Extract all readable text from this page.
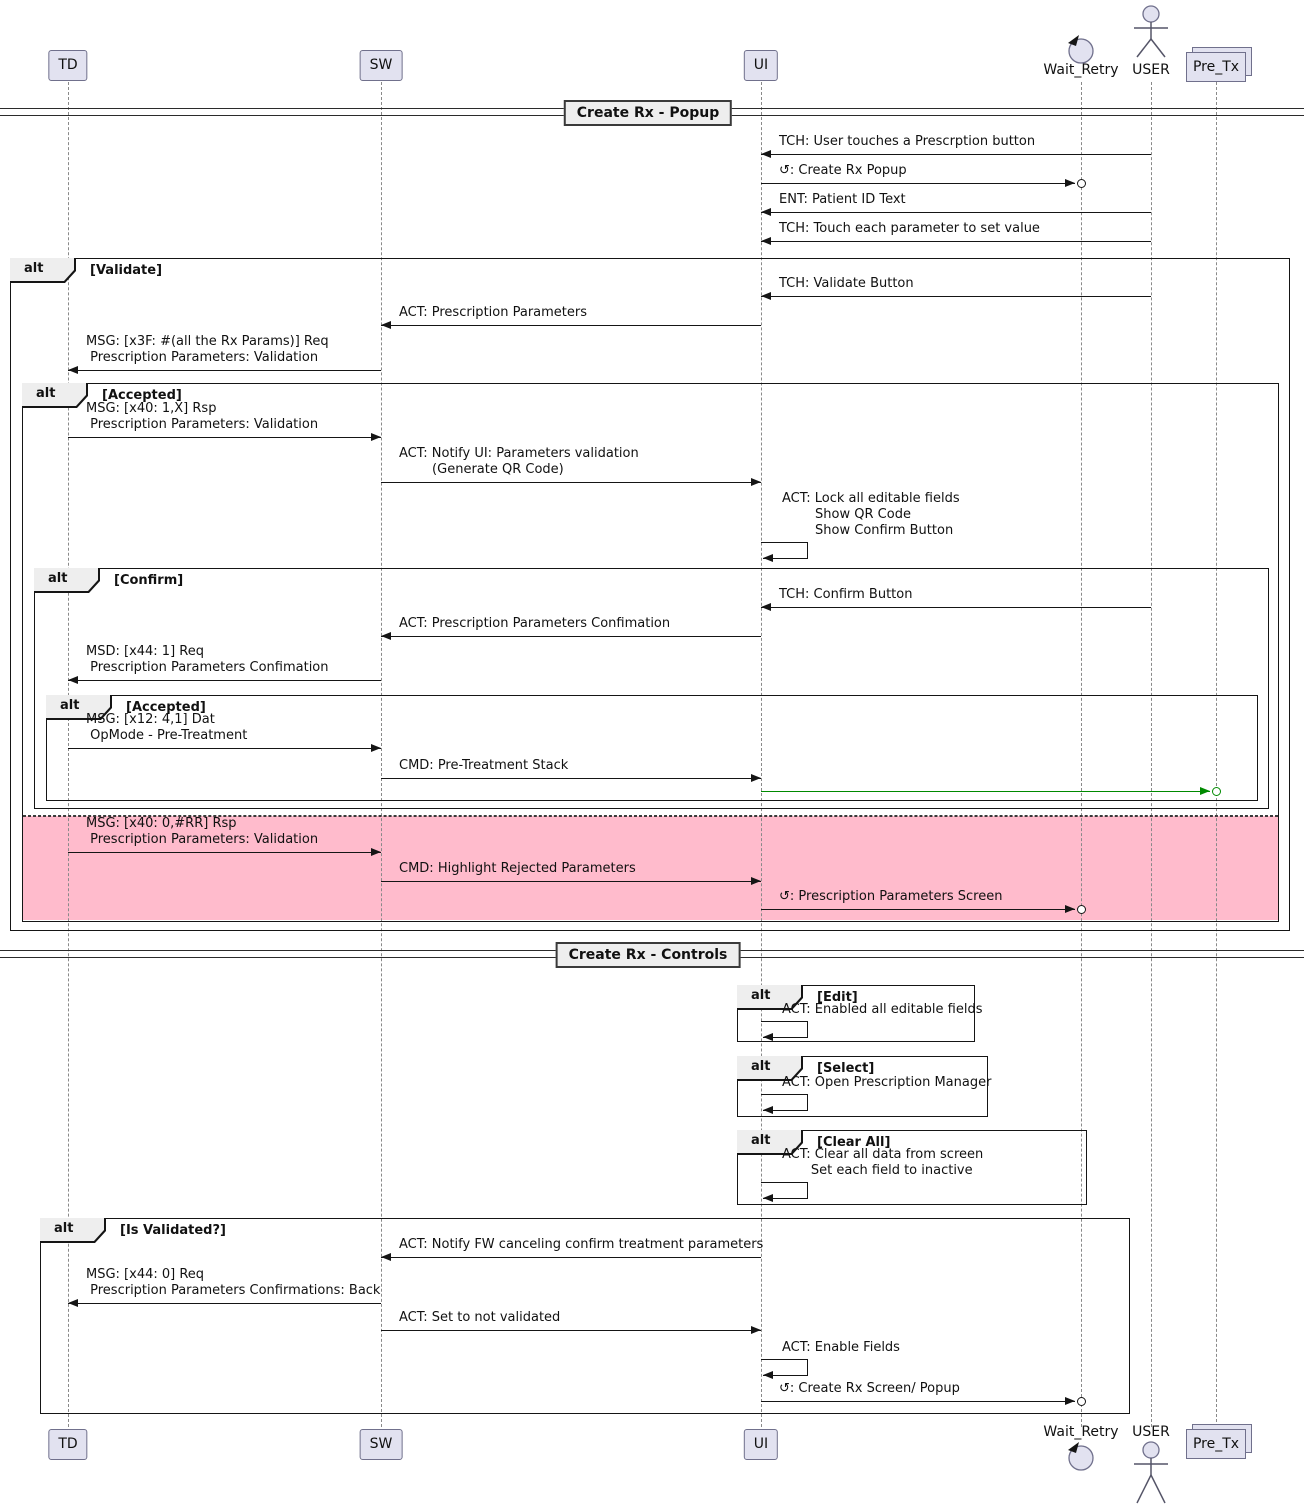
Create Rx - Popup
Create Rx - Controls
alt	[Validate]
alt	[Accepted]
alt	[Confirm]
alt	[Accepted]
alt	[Edit]
alt	[Select]
alt	[Clear All]
alt	[Is Validated?]
TCH: User touches a Prescrption button
↺: Create Rx Popup
ENT: Patient ID Text
TCH: Touch each parameter to set value
TCH: Validate Button
ACT: Prescription Parameters
MSG: [x3F: #(all the Rx Params)] Req
Prescription Parameters: Validation
MSG: [x40: 1,X] Rsp
Prescription Parameters: Validation
ACT: Notify UI: Parameters validation
(Generate QR Code)
ACT: Lock all editable fields
Show QR Code
Show Confirm Button
TCH: Confirm Button
ACT: Prescription Parameters Confimation
MSD: [x44: 1] Req
Prescription Parameters Confimation
MSG: [x12: 4,1] Dat
OpMode - Pre-Treatment
CMD: Pre-Treatment Stack
MSG: [x40: 0,#RR] Rsp
Prescription Parameters: Validation
CMD: Highlight Rejected Parameters
↺: Prescription Parameters Screen
ACT: Enabled all editable fields
ACT: Open Prescription Manager
ACT: Clear all data from screen
Set each field to inactive
ACT: Notify FW canceling confirm treatment parameters
MSG: [x44: 0] Req
Prescription Parameters Confirmations: Back
ACT: Set to not validated
ACT: Enable Fields
↺: Create Rx Screen/ Popup
TD
TD
SW
SW
UI
UI
Wait_Retry
Wait_Retry
USER
USER
Pre_Tx
Pre_Tx
